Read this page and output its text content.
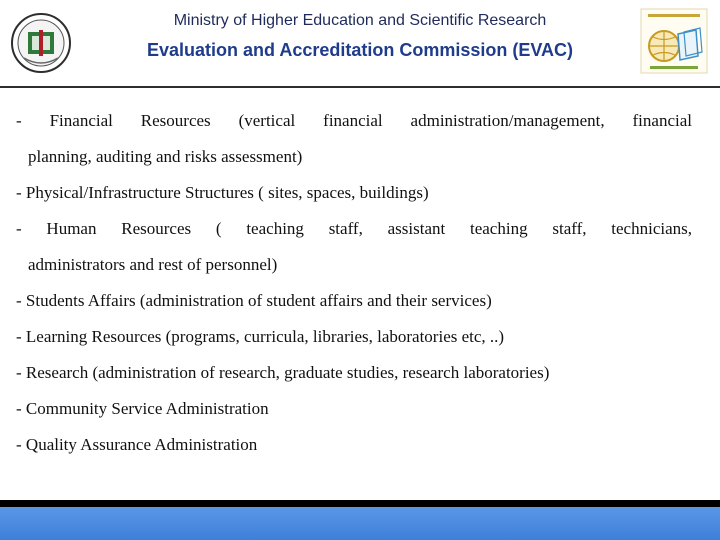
Ministry of Higher Education and Scientific Research
Evaluation and Accreditation Commission (EVAC)

- Financial Resources (vertical financial administration/management, financial
planning, auditing and risks assessment)

- Physical/Infrastructure Structures ( sites, spaces, buildings)

- Human Resources ( teaching staff, assistant teaching staff, technicians,
administrators and rest of personnel)

- Students Affairs (administration of student affairs and their services)

- Learning Resources (programs, curricula, libraries, laboratories etc, ..)

- Research (administration of research, graduate studies, research laboratories)

- Community Service Administration

- Quality Assurance Administration
